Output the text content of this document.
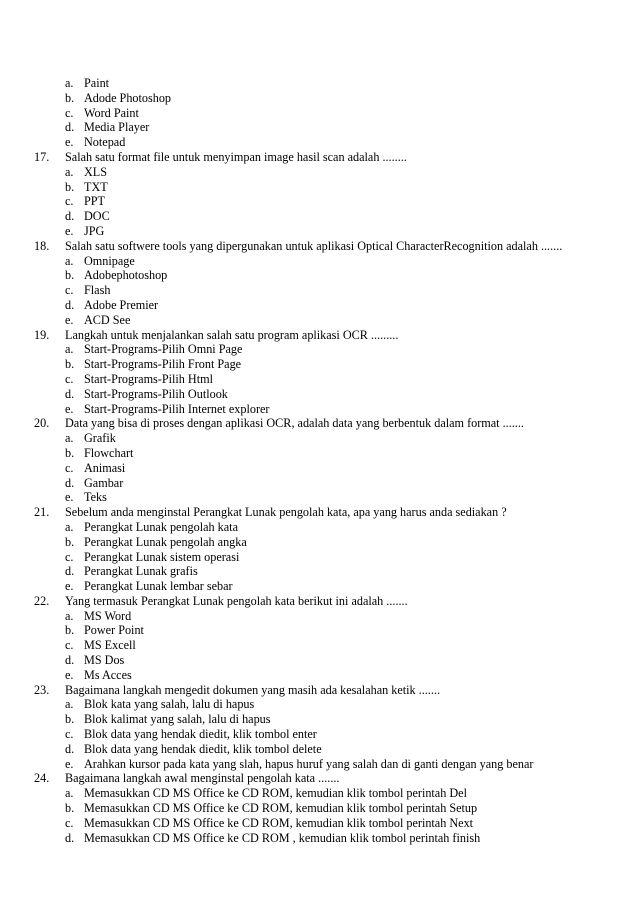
a. Paint
b. Adode Photoshop
c. Word Paint
d. Media Player
e. Notepad
17. Salah satu format file untuk menyimpan image hasil scan adalah ........
a. XLS
b. TXT
c. PPT
d. DOC
e. JPG
18. Salah satu softwere tools yang dipergunakan untuk aplikasi Optical CharacterRecognition adalah .......
a. Omnipage
b. Adobephotoshop
c. Flash
d. Adobe Premier
e. ACD See
19. Langkah untuk menjalankan salah satu program aplikasi OCR .........
a. Start-Programs-Pilih Omni Page
b. Start-Programs-Pilih Front Page
c. Start-Programs-Pilih Html
d. Start-Programs-Pilih Outlook
e. Start-Programs-Pilih Internet explorer
20. Data yang bisa di proses dengan aplikasi OCR, adalah data yang berbentuk dalam format .......
a. Grafik
b. Flowchart
c. Animasi
d. Gambar
e. Teks
21. Sebelum anda menginstal Perangkat Lunak pengolah kata, apa yang harus anda sediakan ?
a. Perangkat Lunak pengolah kata
b. Perangkat Lunak pengolah angka
c. Perangkat Lunak sistem operasi
d. Perangkat Lunak grafis
e. Perangkat Lunak lembar sebar
22. Yang termasuk Perangkat Lunak pengolah kata berikut ini adalah .......
a. MS Word
b. Power Point
c. MS Excell
d. MS Dos
e. Ms Acces
23. Bagaimana langkah mengedit dokumen yang masih ada kesalahan ketik .......
a. Blok kata yang salah, lalu di hapus
b. Blok kalimat yang salah, lalu di hapus
c. Blok data yang hendak diedit, klik tombol enter
d. Blok data yang hendak diedit, klik tombol delete
e. Arahkan kursor pada kata yang slah, hapus huruf yang salah dan di ganti dengan yang benar
24. Bagaimana langkah awal menginstal pengolah kata .......
a. Memasukkan CD MS Office ke CD ROM, kemudian klik tombol perintah Del
b. Memasukkan CD MS Office ke CD ROM, kemudian klik tombol perintah Setup
c. Memasukkan CD MS Office ke CD ROM, kemudian klik tombol perintah Next
d. Memasukkan CD MS Office ke CD ROM , kemudian klik tombol perintah finish
